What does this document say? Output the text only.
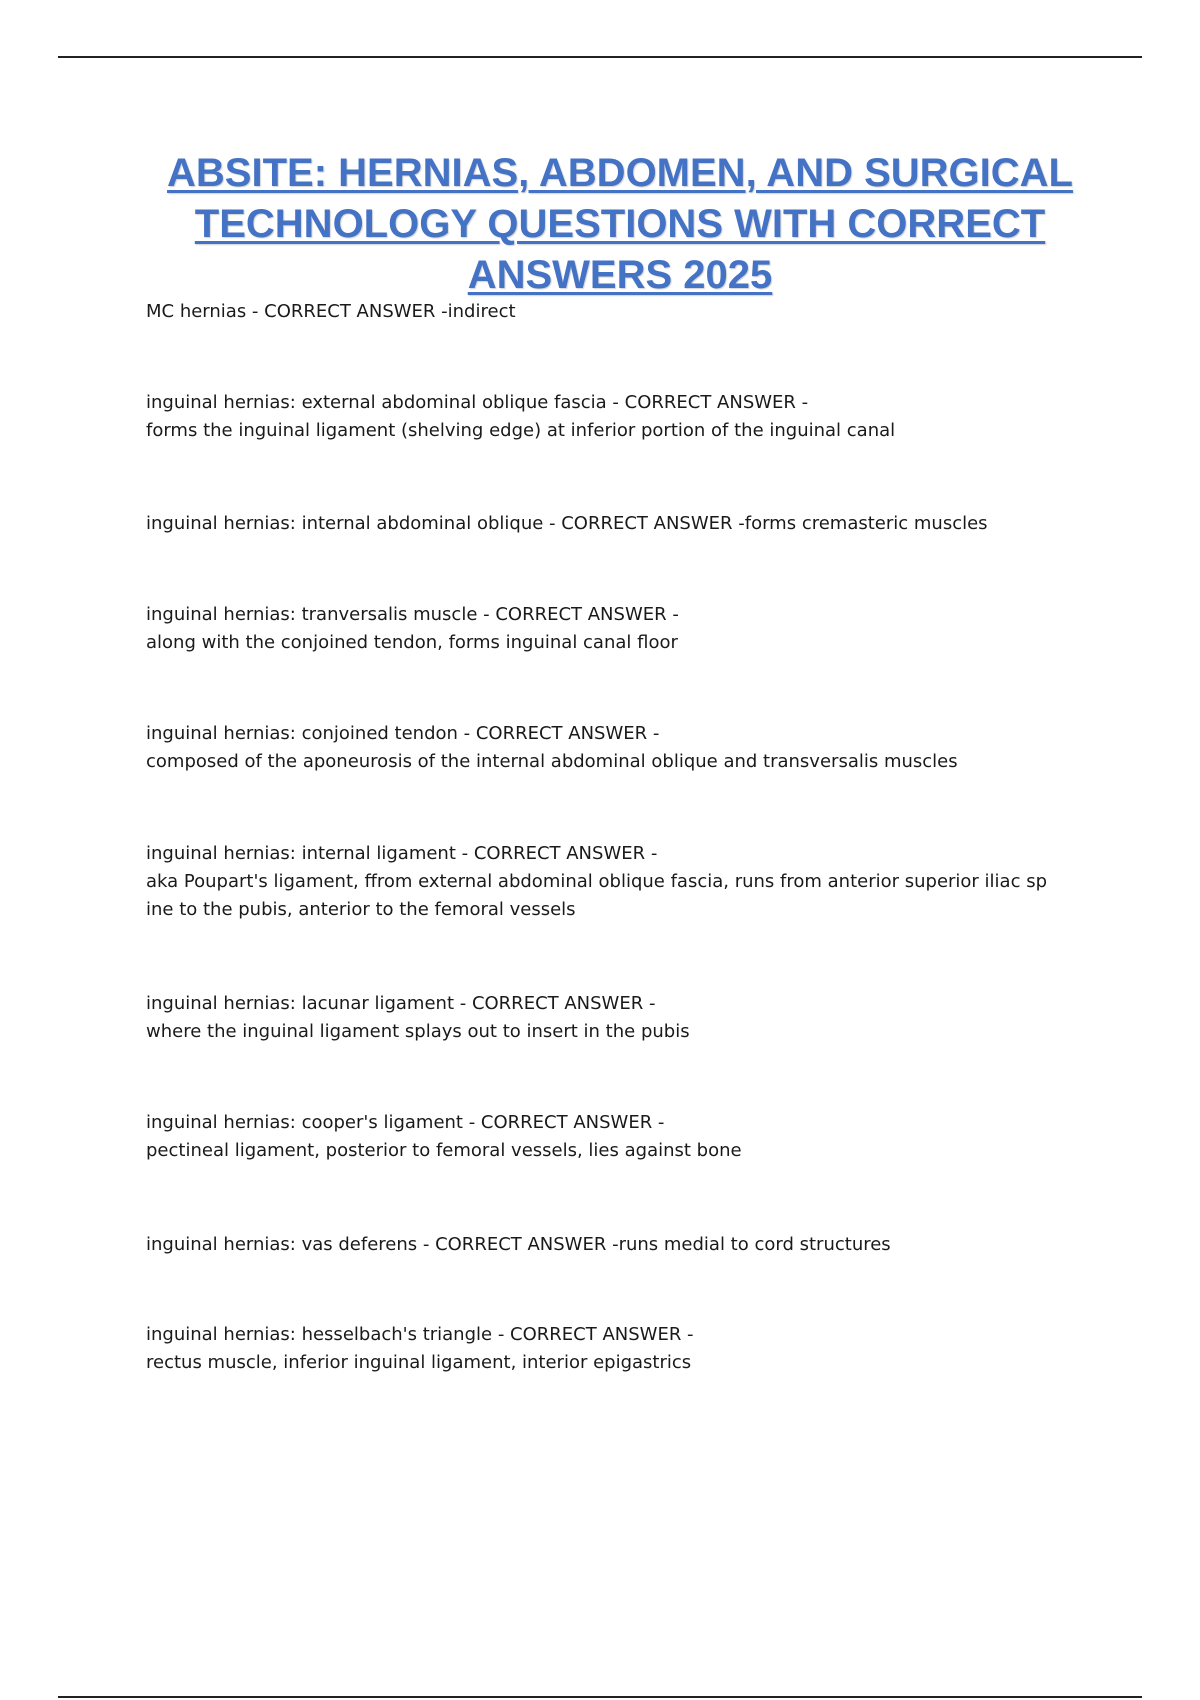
ABSITE: HERNIAS, ABDOMEN, AND SURGICAL
TECHNOLOGY QUESTIONS WITH CORRECT
ANSWERS 2025
MC hernias - CORRECT ANSWER -indirect
inguinal hernias: external abdominal oblique fascia - CORRECT ANSWER -
forms the inguinal ligament (shelving edge) at inferior portion of the inguinal canal
inguinal hernias: internal abdominal oblique - CORRECT ANSWER -forms cremasteric muscles
inguinal hernias: tranversalis muscle - CORRECT ANSWER -
along with the conjoined tendon, forms inguinal canal floor
inguinal hernias: conjoined tendon - CORRECT ANSWER -
composed of the aponeurosis of the internal abdominal oblique and transversalis muscles
inguinal hernias: internal ligament - CORRECT ANSWER -
aka Poupart's ligament, ffrom external abdominal oblique fascia, runs from anterior superior iliac sp
ine to the pubis, anterior to the femoral vessels
inguinal hernias: lacunar ligament - CORRECT ANSWER -
where the inguinal ligament splays out to insert in the pubis
inguinal hernias: cooper's ligament - CORRECT ANSWER -
pectineal ligament, posterior to femoral vessels, lies against bone
inguinal hernias: vas deferens - CORRECT ANSWER -runs medial to cord structures
inguinal hernias: hesselbach's triangle - CORRECT ANSWER -
rectus muscle, inferior inguinal ligament, interior epigastrics
